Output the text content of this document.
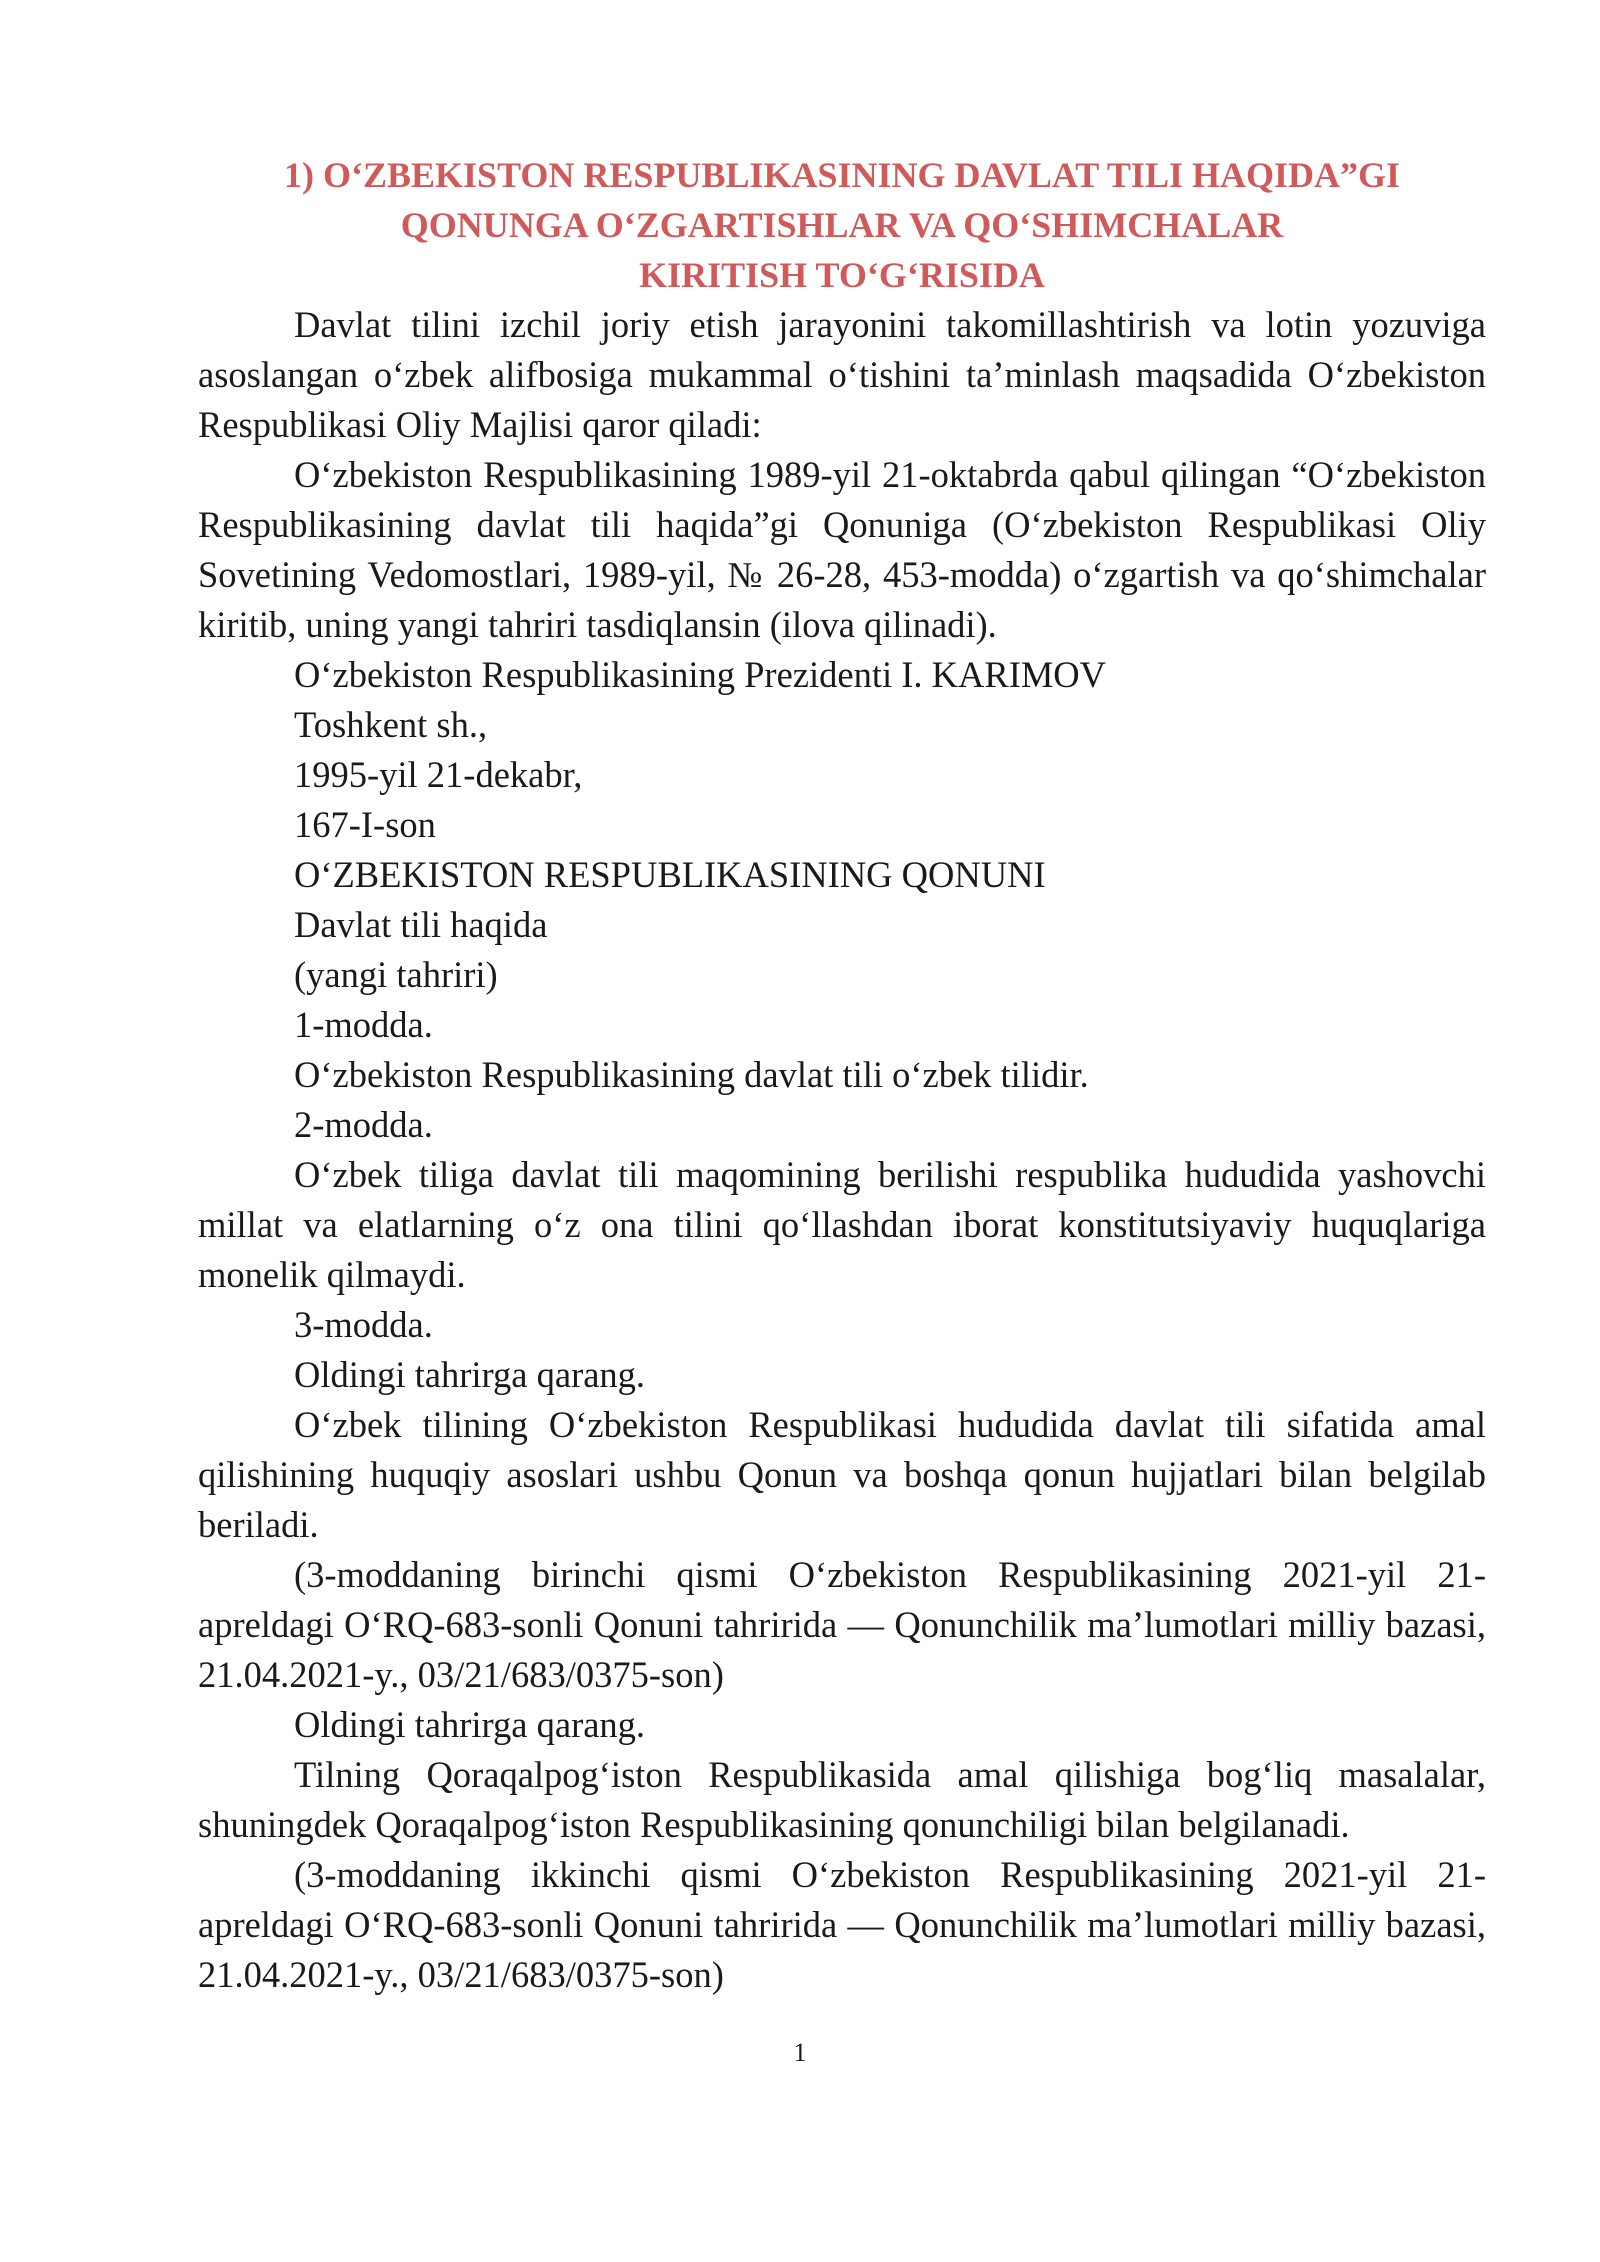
1) O‘ZBEKISTON RESPUBLIKASINING DAVLAT TILI HAQIDA”GI
QONUNGA O‘ZGARTISHLAR VA QO‘SHIMCHALAR
KIRITISH TO‘G‘RISIDA

Davlat tilini izchil joriy etish jarayonini takomillashtirish va lotin yozuviga asoslangan o‘zbek alifbosiga mukammal o‘tishini ta’minlash maqsadida O‘zbekiston Respublikasi Oliy Majlisi qaror qiladi:

O‘zbekiston Respublikasining 1989-yil 21-oktabrda qabul qilingan “O‘zbekiston Respublikasining davlat tili haqida”gi Qonuniga (O‘zbekiston Respublikasi Oliy Sovetining Vedomostlari, 1989-yil, № 26-28, 453-modda) o‘zgartish va qo‘shimchalar kiritib, uning yangi tahriri tasdiqlansin (ilova qilinadi).

O‘zbekiston Respublikasining Prezidenti I. KARIMOV

Toshkent sh.,

1995-yil 21-dekabr,

167-I-son

O‘ZBEKISTON RESPUBLIKASINING QONUNI

Davlat tili haqida

(yangi tahriri)

1-modda.

O‘zbekiston Respublikasining davlat tili o‘zbek tilidir.

2-modda.

O‘zbek tiliga davlat tili maqomining berilishi respublika hududida yashovchi millat va elatlarning o‘z ona tilini qo‘llashdan iborat konstitutsiyaviy huquqlariga monelik qilmaydi.

3-modda.

Oldingi tahrirga qarang.

O‘zbek tilining O‘zbekiston Respublikasi hududida davlat tili sifatida amal qilishining huquqiy asoslari ushbu Qonun va boshqa qonun hujjatlari bilan belgilab beriladi.

(3-moddaning birinchi qismi O‘zbekiston Respublikasining 2021-yil 21-apreldagi O‘RQ-683-sonli Qonuni tahririda — Qonunchilik ma’lumotlari milliy bazasi, 21.04.2021-y., 03/21/683/0375-son)

Oldingi tahrirga qarang.

Tilning Qoraqalpog‘iston Respublikasida amal qilishiga bog‘liq masalalar, shuningdek Qoraqalpog‘iston Respublikasining qonunchiligi bilan belgilanadi.

(3-moddaning ikkinchi qismi O‘zbekiston Respublikasining 2021-yil 21-apreldagi O‘RQ-683-sonli Qonuni tahririda — Qonunchilik ma’lumotlari milliy bazasi, 21.04.2021-y., 03/21/683/0375-son)

1
